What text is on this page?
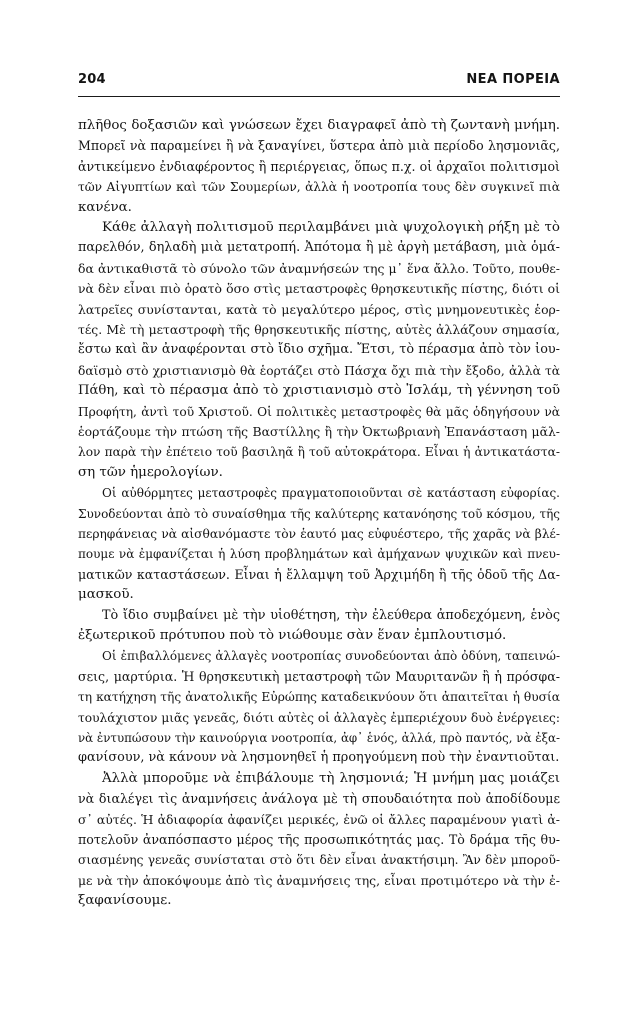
204	ΝΕΑ ΠΟΡΕΙΑ
πλῆθος δοξασιῶν καὶ γνώσεων ἔχει διαγραφεῖ ἀπὸ τὴ ζωντανὴ μνήμη.
Μπορεῖ νὰ παραμείνει ἢ νὰ ξαναγίνει, ὕστερα ἀπὸ μιὰ περίοδο λησμονιᾶς,
ἀντικείμενο ἐνδιαφέροντος ἢ περιέργειας, ὅπως π.χ. οἱ ἀρχαῖοι πολιτισμοὶ
τῶν Αἰγυπτίων καὶ τῶν Σουμερίων, ἀλλὰ ἡ νοοτροπία τους δὲν συγκινεῖ πιὰ
κανένα.
Κάθε ἀλλαγὴ πολιτισμοῦ περιλαμβάνει μιὰ ψυχολογικὴ ρήξη μὲ τὸ
παρελθόν, δηλαδὴ μιὰ μετατροπή. Ἀπότομα ἢ μὲ ἀργὴ μετάβαση, μιὰ ὁμά-
δα ἀντικαθιστᾶ τὸ σύνολο τῶν ἀναμνήσεών της μ᾽ ἕνα ἄλλο. Τοῦτο, πουθε-
νὰ δὲν εἶναι πιὸ ὁρατὸ ὅσο στὶς μεταστροφὲς θρησκευτικῆς πίστης, διότι οἱ
λατρεῖες συνίστανται, κατὰ τὸ μεγαλύτερο μέρος, στὶς μνημονευτικὲς ἑορ-
τές. Μὲ τὴ μεταστροφὴ τῆς θρησκευτικῆς πίστης, αὐτὲς ἀλλάζουν σημασία,
ἔστω καὶ ἂν ἀναφέρονται στὸ ἴδιο σχῆμα. Ἔτσι, τὸ πέρασμα ἀπὸ τὸν ἰου-
δαϊσμὸ στὸ χριστιανισμὸ θὰ ἑορτάζει στὸ Πάσχα ὄχι πιὰ τὴν ἔξοδο, ἀλλὰ τὰ
Πάθη, καὶ τὸ πέρασμα ἀπὸ τὸ χριστιανισμὸ στὸ Ἰσλάμ, τὴ γέννηση τοῦ
Προφήτη, ἀντὶ τοῦ Χριστοῦ. Οἱ πολιτικὲς μεταστροφὲς θὰ μᾶς ὁδηγήσουν νὰ
ἑορτάζουμε τὴν πτώση τῆς Βαστίλλης ἢ τὴν Ὀκτωβριανὴ Ἐπανάσταση μᾶλ-
λον παρὰ τὴν ἐπέτειο τοῦ βασιληᾶ ἢ τοῦ αὐτοκράτορα. Εἶναι ἡ ἀντικατάστα-
ση τῶν ἡμερολογίων.
Οἱ αὐθόρμητες μεταστροφὲς πραγματοποιοῦνται σὲ κατάσταση εὐφορίας.
Συνοδεύονται ἀπὸ τὸ συναίσθημα τῆς καλύτερης κατανόησης τοῦ κόσμου, τῆς
περηφάνειας νὰ αἰσθανόμαστε τὸν ἑαυτό μας εὐφυέστερο, τῆς χαρᾶς νὰ βλέ-
πουμε νὰ ἐμφανίζεται ἡ λύση προβλημάτων καὶ ἀμήχανων ψυχικῶν καὶ πνευ-
ματικῶν καταστάσεων. Εἶναι ἡ ἔλλαμψη τοῦ Ἀρχιμήδη ἢ τῆς ὁδοῦ τῆς Δα-
μασκοῦ.
Τὸ ἴδιο συμβαίνει μὲ τὴν υἱοθέτηση, τὴν ἐλεύθερα ἀποδεχόμενη, ἑνὸς
ἐξωτερικοῦ πρότυπου ποὺ τὸ νιώθουμε σὰν ἕναν ἐμπλουτισμό.
Οἱ ἐπιβαλλόμενες ἀλλαγὲς νοοτροπίας συνοδεύονται ἀπὸ ὀδύνη, ταπεινώ-
σεις, μαρτύρια. Ἡ θρησκευτικὴ μεταστροφὴ τῶν Μαυριτανῶν ἢ ἡ πρόσφα-
τη κατήχηση τῆς ἀνατολικῆς Εὐρώπης καταδεικνύουν ὅτι ἀπαιτεῖται ἡ θυσία
τουλάχιστον μιᾶς γενεᾶς, διότι αὐτὲς οἱ ἀλλαγὲς ἐμπεριέχουν δυὸ ἐνέργειες:
νὰ ἐντυπώσουν τὴν καινούργια νοοτροπία, ἀφ᾽ ἑνός, ἀλλά, πρὸ παντός, νὰ ἐξα-
φανίσουν, νὰ κάνουν νὰ λησμονηθεῖ ἡ προηγούμενη ποὺ τὴν ἐναντιοῦται.
Ἀλλὰ μποροῦμε νὰ ἐπιβάλουμε τὴ λησμονιά; Ἡ μνήμη μας μοιάζει
νὰ διαλέγει τὶς ἀναμνήσεις ἀνάλογα μὲ τὴ σπουδαιότητα ποὺ ἀποδίδουμε
σ᾽ αὐτές. Ἡ ἀδιαφορία ἀφανίζει μερικές, ἐνῶ οἱ ἄλλες παραμένουν γιατὶ ἀ-
ποτελοῦν ἀναπόσπαστο μέρος τῆς προσωπικότητάς μας. Τὸ δράμα τῆς θυ-
σιασμένης γενεᾶς συνίσταται στὸ ὅτι δὲν εἶναι ἀνακτήσιμη. Ἂν δὲν μποροῦ-
με νὰ τὴν ἀποκόψουμε ἀπὸ τὶς ἀναμνήσεις της, εἶναι προτιμότερο νὰ τὴν ἐ-
ξαφανίσουμε.
